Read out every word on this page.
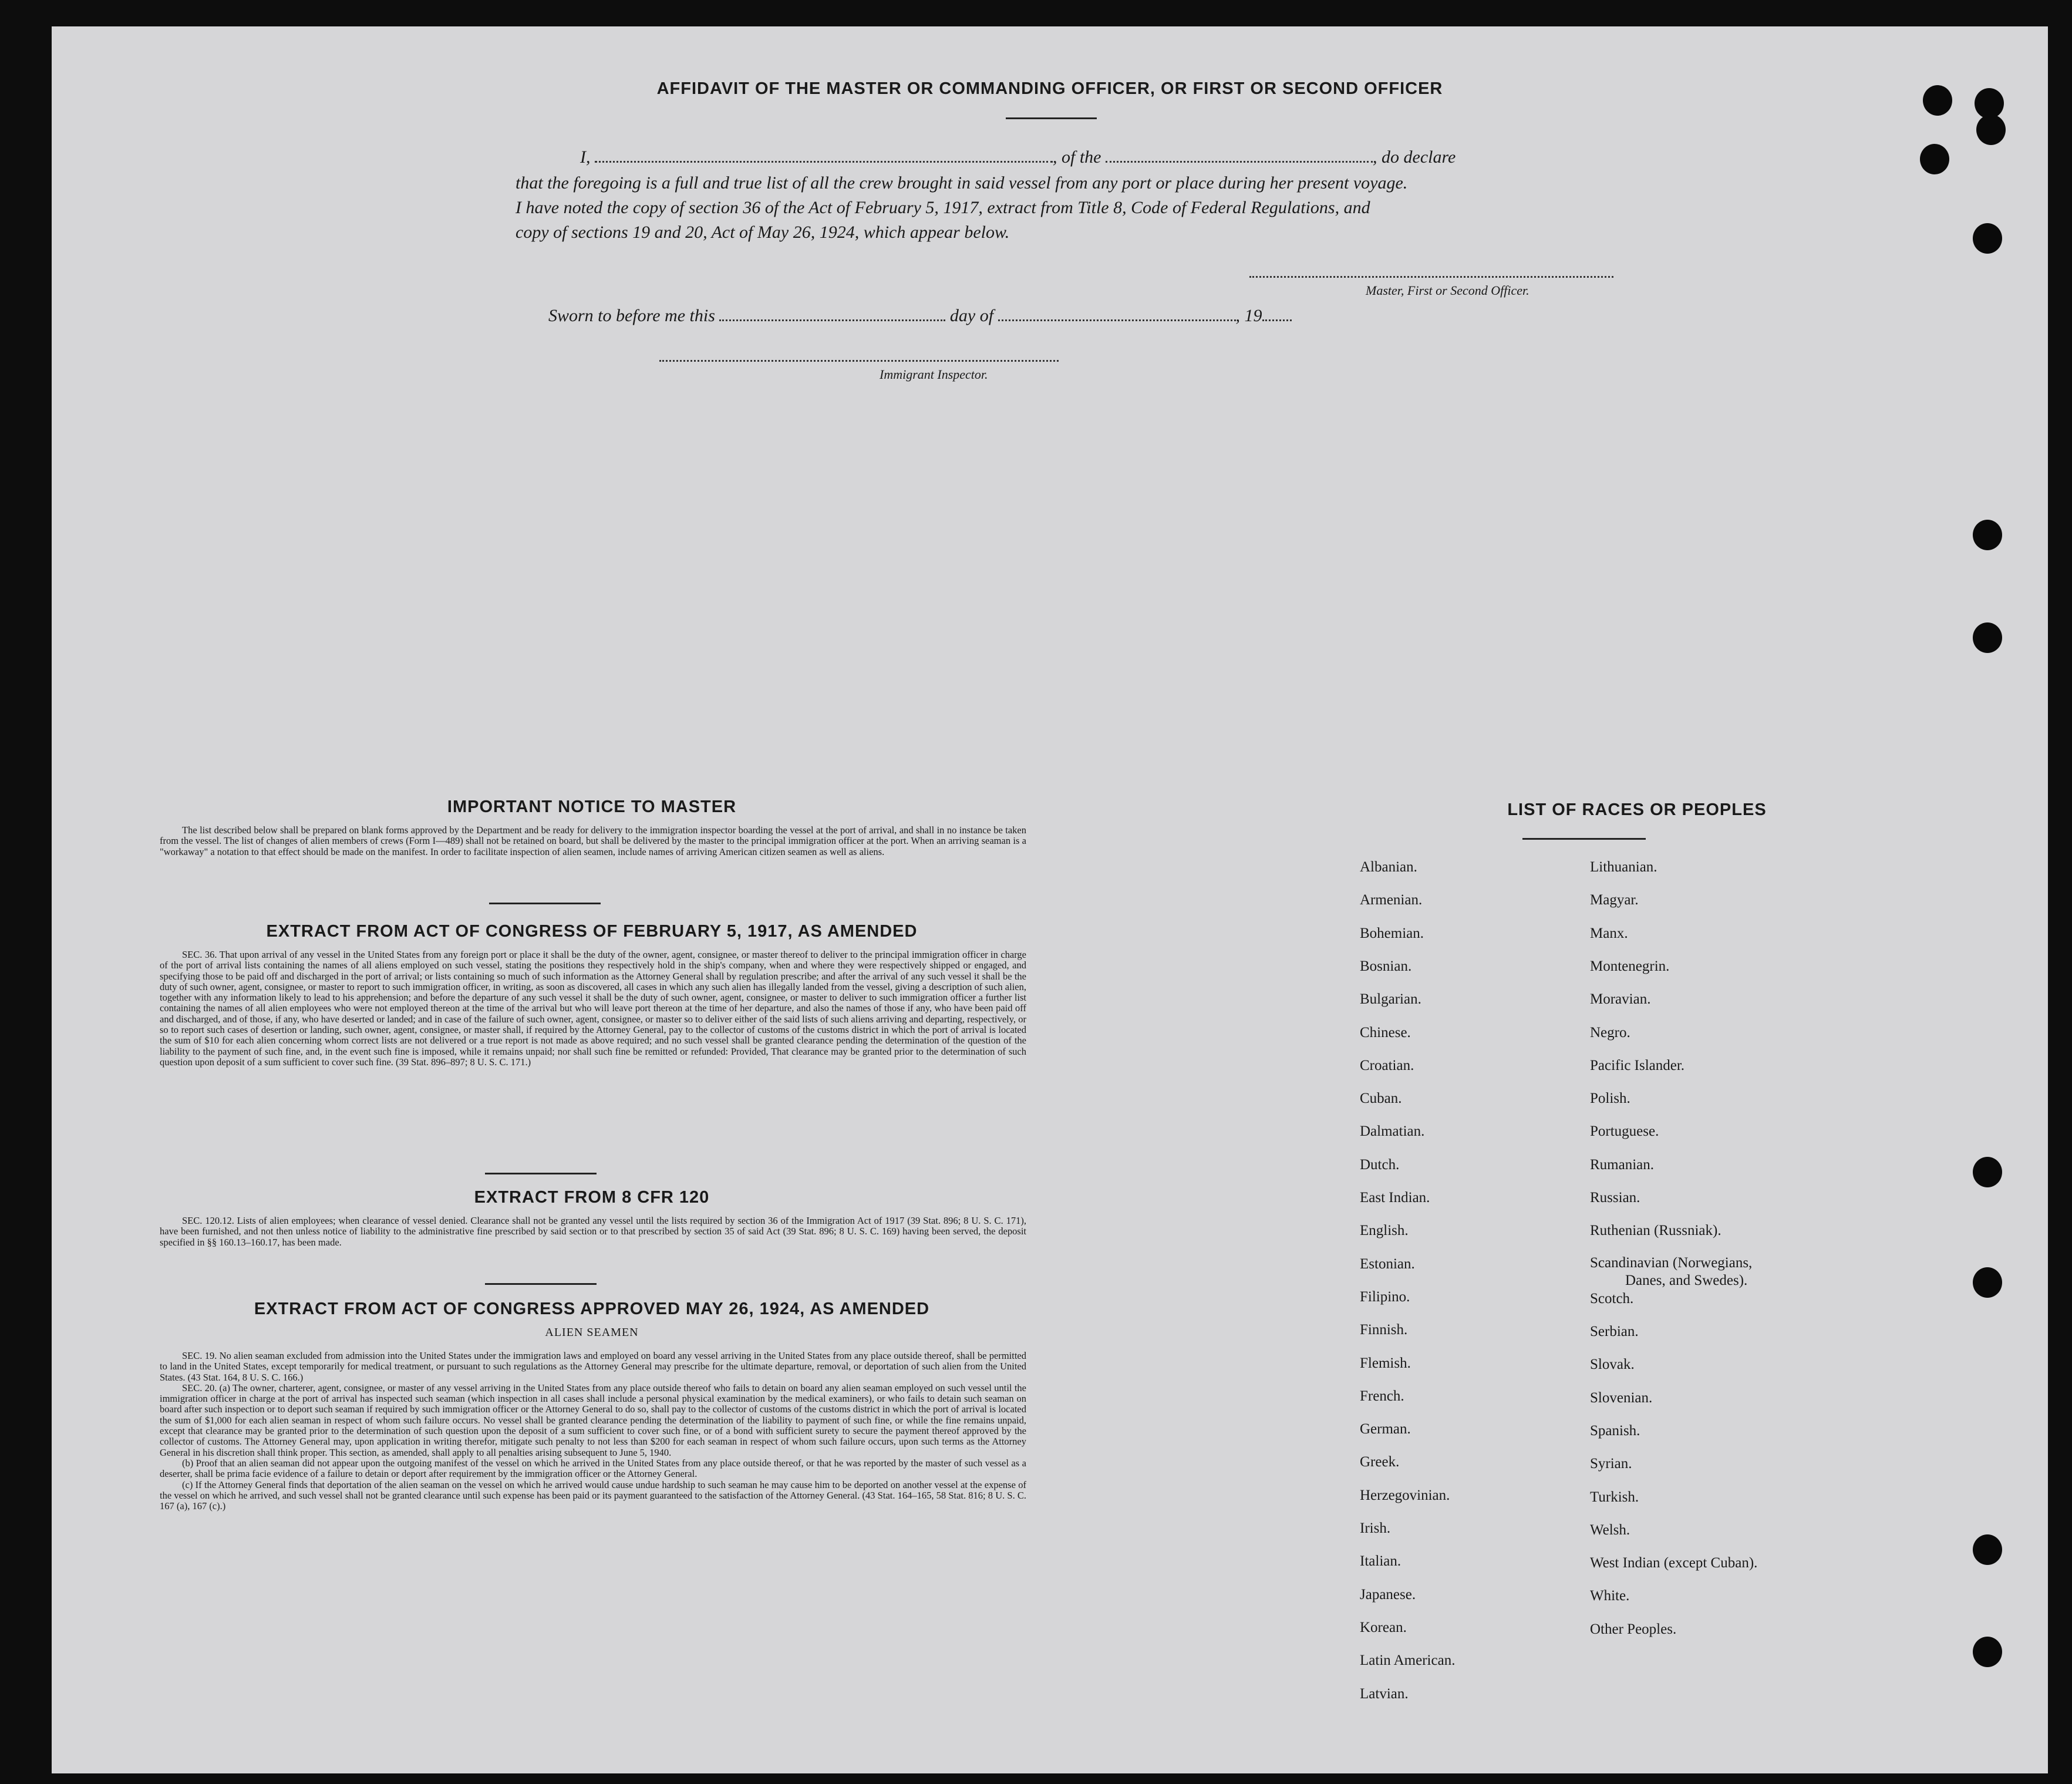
AFFIDAVIT OF THE MASTER OR COMMANDING OFFICER, OR FIRST OR SECOND OFFICER
I,	, of the	, do declare
that the foregoing is a full and true list of all the crew brought in said vessel from any port or place during her present voyage.
I have noted the copy of section 36 of the Act of February 5, 1917, extract from Title 8, Code of Federal Regulations, and
copy of sections 19 and 20, Act of May 26, 1924, which appear below.
Master, First or Second Officer.
Sworn to before me this	day of	, 19
Immigrant Inspector.
IMPORTANT NOTICE TO MASTER

The list described below shall be prepared on blank forms approved by the Department and be ready for delivery to the immigration inspector boarding the vessel at the port of arrival, and shall in no instance be taken from the vessel. The list of changes of alien members of crews (Form I—489) shall not be retained on board, but shall be delivered by the master to the principal immigration officer at the port. When an arriving seaman is a "workaway" a notation to that effect should be made on the manifest. In order to facilitate inspection of alien seamen, include names of arriving American citizen seamen as well as aliens.

EXTRACT FROM ACT OF CONGRESS OF FEBRUARY 5, 1917, AS AMENDED

SEC. 36. That upon arrival of any vessel in the United States from any foreign port or place it shall be the duty of the owner, agent, consignee, or master thereof to deliver to the principal immigration officer in charge of the port of arrival lists containing the names of all aliens employed on such vessel, stating the positions they respectively hold in the ship's company, when and where they were respectively shipped or engaged, and specifying those to be paid off and discharged in the port of arrival; or lists containing so much of such information as the Attorney General shall by regulation prescribe; and after the arrival of any such vessel it shall be the duty of such owner, agent, consignee, or master to report to such immigration officer, in writing, as soon as discovered, all cases in which any such alien has illegally landed from the vessel, giving a description of such alien, together with any information likely to lead to his apprehension; and before the departure of any such vessel it shall be the duty of such owner, agent, consignee, or master to deliver to such immigration officer a further list containing the names of all alien employees who were not employed thereon at the time of the arrival but who will leave port thereon at the time of her departure, and also the names of those if any, who have been paid off and discharged, and of those, if any, who have deserted or landed; and in case of the failure of such owner, agent, consignee, or master so to deliver either of the said lists of such aliens arriving and departing, respectively, or so to report such cases of desertion or landing, such owner, agent, consignee, or master shall, if required by the Attorney General, pay to the collector of customs of the customs district in which the port of arrival is located the sum of $10 for each alien concerning whom correct lists are not delivered or a true report is not made as above required; and no such vessel shall be granted clearance pending the determination of the question of the liability to the payment of such fine, and, in the event such fine is imposed, while it remains unpaid; nor shall such fine be remitted or refunded: Provided, That clearance may be granted prior to the determination of such question upon deposit of a sum sufficient to cover such fine. (39 Stat. 896–897; 8 U. S. C. 171.)

EXTRACT FROM 8 CFR 120

SEC. 120.12. Lists of alien employees; when clearance of vessel denied. Clearance shall not be granted any vessel until the lists required by section 36 of the Immigration Act of 1917 (39 Stat. 896; 8 U. S. C. 171), have been furnished, and not then unless notice of liability to the administrative fine prescribed by said section or to that prescribed by section 35 of said Act (39 Stat. 896; 8 U. S. C. 169) having been served, the deposit specified in §§ 160.13–160.17, has been made.

EXTRACT FROM ACT OF CONGRESS APPROVED MAY 26, 1924, AS AMENDED
ALIEN SEAMEN

SEC. 19. No alien seaman excluded from admission into the United States under the immigration laws and employed on board any vessel arriving in the United States from any place outside thereof, shall be permitted to land in the United States, except temporarily for medical treatment, or pursuant to such regulations as the Attorney General may prescribe for the ultimate departure, removal, or deportation of such alien from the United States. (43 Stat. 164, 8 U. S. C. 166.)

SEC. 20. (a) The owner, charterer, agent, consignee, or master of any vessel arriving in the United States from any place outside thereof who fails to detain on board any alien seaman employed on such vessel until the immigration officer in charge at the port of arrival has inspected such seaman (which inspection in all cases shall include a personal physical examination by the medical examiners), or who fails to detain such seaman on board after such inspection or to deport such seaman if required by such immigration officer or the Attorney General to do so, shall pay to the collector of customs of the customs district in which the port of arrival is located the sum of $1,000 for each alien seaman in respect of whom such failure occurs. No vessel shall be granted clearance pending the determination of the liability to payment of such fine, or while the fine remains unpaid, except that clearance may be granted prior to the determination of such question upon the deposit of a sum sufficient to cover such fine, or of a bond with sufficient surety to secure the payment thereof approved by the collector of customs. The Attorney General may, upon application in writing therefor, mitigate such penalty to not less than $200 for each seaman in respect of whom such failure occurs, upon such terms as the Attorney General in his discretion shall think proper. This section, as amended, shall apply to all penalties arising subsequent to June 5, 1940.

(b) Proof that an alien seaman did not appear upon the outgoing manifest of the vessel on which he arrived in the United States from any place outside thereof, or that he was reported by the master of such vessel as a deserter, shall be prima facie evidence of a failure to detain or deport after requirement by the immigration officer or the Attorney General.

(c) If the Attorney General finds that deportation of the alien seaman on the vessel on which he arrived would cause undue hardship to such seaman he may cause him to be deported on another vessel at the expense of the vessel on which he arrived, and such vessel shall not be granted clearance until such expense has been paid or its payment guaranteed to the satisfaction of the Attorney General. (43 Stat. 164–165, 58 Stat. 816; 8 U. S. C. 167 (a), 167 (c).)

LIST OF RACES OR PEOPLES
Albanian.
Armenian.
Bohemian.
Bosnian.
Bulgarian.
Chinese.
Croatian.
Cuban.
Dalmatian.
Dutch.
East Indian.
English.
Estonian.
Filipino.
Finnish.
Flemish.
French.
German.
Greek.
Herzegovinian.
Irish.
Italian.
Japanese.
Korean.
Latin American.
Latvian.
Lithuanian.
Magyar.
Manx.
Montenegrin.
Moravian.
Negro.
Pacific Islander.
Polish.
Portuguese.
Rumanian.
Russian.
Ruthenian (Russniak).
Scandinavian (Norwegians,
Danes, and Swedes).
Scotch.
Serbian.
Slovak.
Slovenian.
Spanish.
Syrian.
Turkish.
Welsh.
West Indian (except Cuban).
White.
Other Peoples.
